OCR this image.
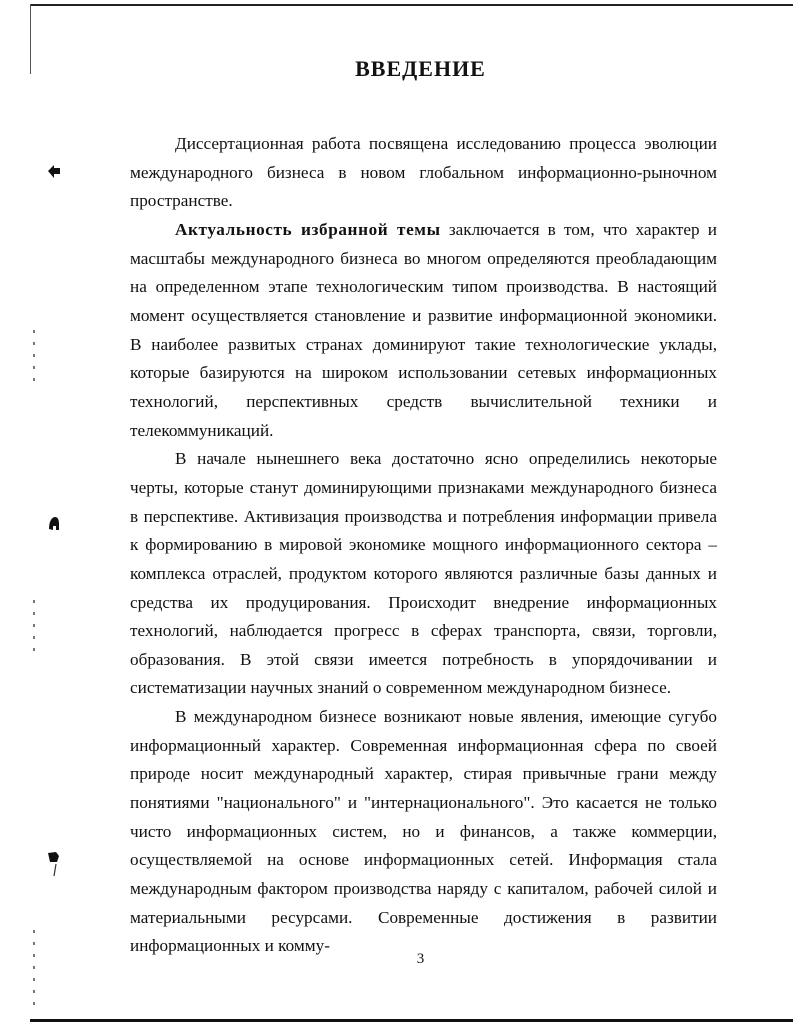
ВВЕДЕНИЕ

Диссертационная работа посвящена исследованию процесса эволюции международного бизнеса в новом глобальном информационно-рыночном пространстве.

Актуальность избранной темы заключается в том, что характер и масштабы международного бизнеса во многом определяются преобладающим на определенном этапе технологическим типом производства. В настоящий момент осуществляется становление и развитие информационной экономики. В наиболее развитых странах доминируют такие технологические уклады, которые базируются на широком использовании сетевых информационных технологий, перспективных средств вычислительной техники и телекоммуникаций.

В начале нынешнего века достаточно ясно определились некоторые черты, которые станут доминирующими признаками международного бизнеса в перспективе. Активизация производства и потребления информации привела к формированию в мировой экономике мощного информационного сектора – комплекса отраслей, продуктом которого являются различные базы данных и средства их продуцирования. Происходит внедрение информационных технологий, наблюдается прогресс в сферах транспорта, связи, торговли, образования. В этой связи имеется потребность в упорядочивании и систематизации научных знаний о современном международном бизнесе.

В международном бизнесе возникают новые явления, имеющие сугубо информационный характер. Современная информационная сфера по своей природе носит международный характер, стирая привычные грани между понятиями "национального" и "интернационального". Это касается не только чисто информационных систем, но и финансов, а также коммерции, осуществляемой на основе информационных сетей. Информация стала международным фактором производства наряду с капиталом, рабочей силой и материальными ресурсами. Современные достижения в развитии информационных и комму-

3
